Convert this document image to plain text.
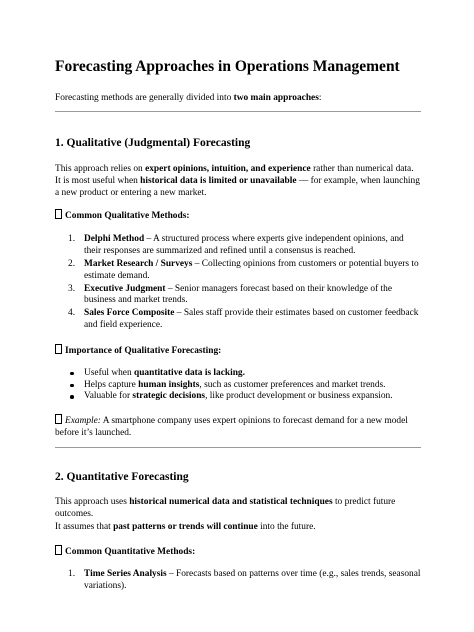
Forecasting Approaches in Operations Management

Forecasting methods are generally divided into two main approaches:

1. Qualitative (Judgmental) Forecasting

This approach relies on expert opinions, intuition, and experience rather than numerical data.
It is most useful when historical data is limited or unavailable — for example, when launching a new product or entering a new market.

Common Qualitative Methods:

1. Delphi Method – A structured process where experts give independent opinions, and their responses are summarized and refined until a consensus is reached.
2. Market Research / Surveys – Collecting opinions from customers or potential buyers to estimate demand.
3. Executive Judgment – Senior managers forecast based on their knowledge of the business and market trends.
4. Sales Force Composite – Sales staff provide their estimates based on customer feedback and field experience.

Importance of Qualitative Forecasting:

Useful when quantitative data is lacking.
Helps capture human insights, such as customer preferences and market trends.
Valuable for strategic decisions, like product development or business expansion.

Example: A smartphone company uses expert opinions to forecast demand for a new model before it’s launched.

2. Quantitative Forecasting

This approach uses historical numerical data and statistical techniques to predict future outcomes.

It assumes that past patterns or trends will continue into the future.

Common Quantitative Methods:

1. Time Series Analysis – Forecasts based on patterns over time (e.g., sales trends, seasonal variations).
